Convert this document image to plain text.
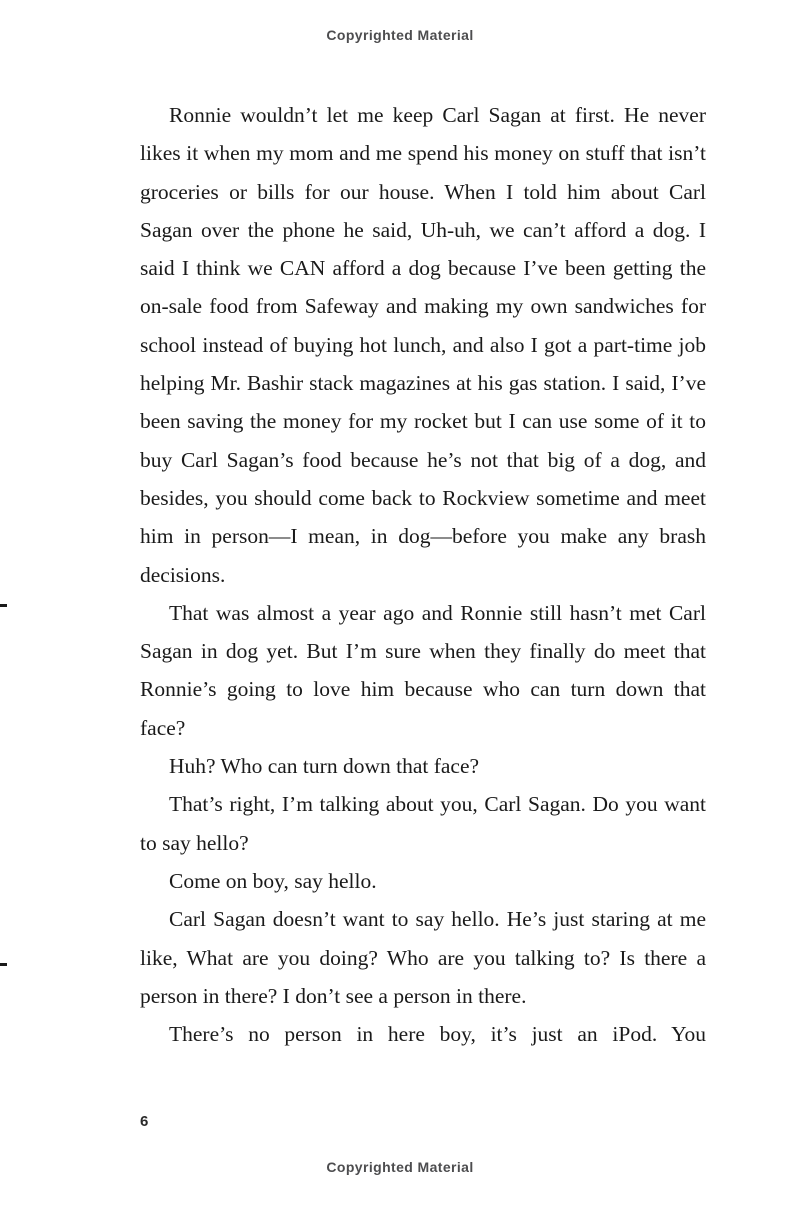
Copyrighted Material

Ronnie wouldn’t let me keep Carl Sagan at first. He never likes it when my mom and me spend his money on stuff that isn’t groceries or bills for our house. When I told him about Carl Sagan over the phone he said, Uh-uh, we can’t afford a dog. I said I think we CAN afford a dog because I’ve been getting the on-sale food from Safeway and making my own sandwiches for school instead of buying hot lunch, and also I got a part-time job helping Mr. Bashir stack magazines at his gas station. I said, I’ve been saving the money for my rocket but I can use some of it to buy Carl Sagan’s food because he’s not that big of a dog, and besides, you should come back to Rockview sometime and meet him in person—I mean, in dog—before you make any brash decisions.

That was almost a year ago and Ronnie still hasn’t met Carl Sagan in dog yet. But I’m sure when they finally do meet that Ronnie’s going to love him because who can turn down that face?

Huh? Who can turn down that face?

That’s right, I’m talking about you, Carl Sagan. Do you want to say hello?

Come on boy, say hello.

Carl Sagan doesn’t want to say hello. He’s just staring at me like, What are you doing? Who are you talking to? Is there a person in there? I don’t see a person in there.

There’s no person in here boy, it’s just an iPod. You

6
Copyrighted Material
